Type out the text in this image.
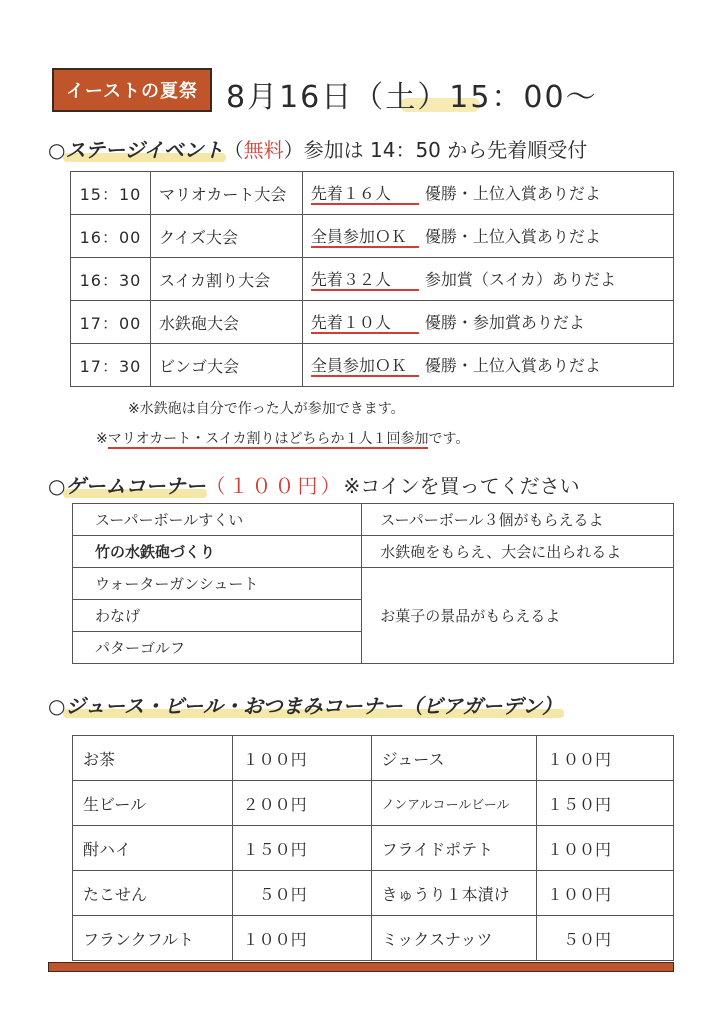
イーストの夏祭 8月16日（土）15：00～
○ステージイベント（無料）参加は 14：50 から先着順受付
15：10	マリオカート大会	先着１６人 優勝・上位入賞ありだよ
16：00	クイズ大会	全員参加ＯＫ 優勝・上位入賞ありだよ
16：30	スイカ割り大会	先着３２人 参加賞（スイカ）ありだよ
17：00	水鉄砲大会	先着１０人 優勝・参加賞ありだよ
17：30	ビンゴ大会	全員参加ＯＫ 優勝・上位入賞ありだよ
※水鉄砲は自分で作った人が参加できます。
※マリオカート・スイカ割りはどちらか１人１回参加です。
○ゲームコーナー（１００円）※コインを買ってください
スーパーボールすくい	スーパーボール３個がもらえるよ
竹の水鉄砲づくり	水鉄砲をもらえ、大会に出られるよ
ウォーターガンシュート	お菓子の景品がもらえるよ
わなげ	
パターゴルフ	
○ジュース・ビール・おつまみコーナー（ビアガーデン）
お茶	１００円	ジュース	１００円
生ビール	２００円	ノンアルコールビール	１５０円
酎ハイ	１５０円	フライドポテト	１００円
たこせん	５０円	きゅうり１本漬け	１００円
フランクフルト	１００円	ミックスナッツ	５０円
